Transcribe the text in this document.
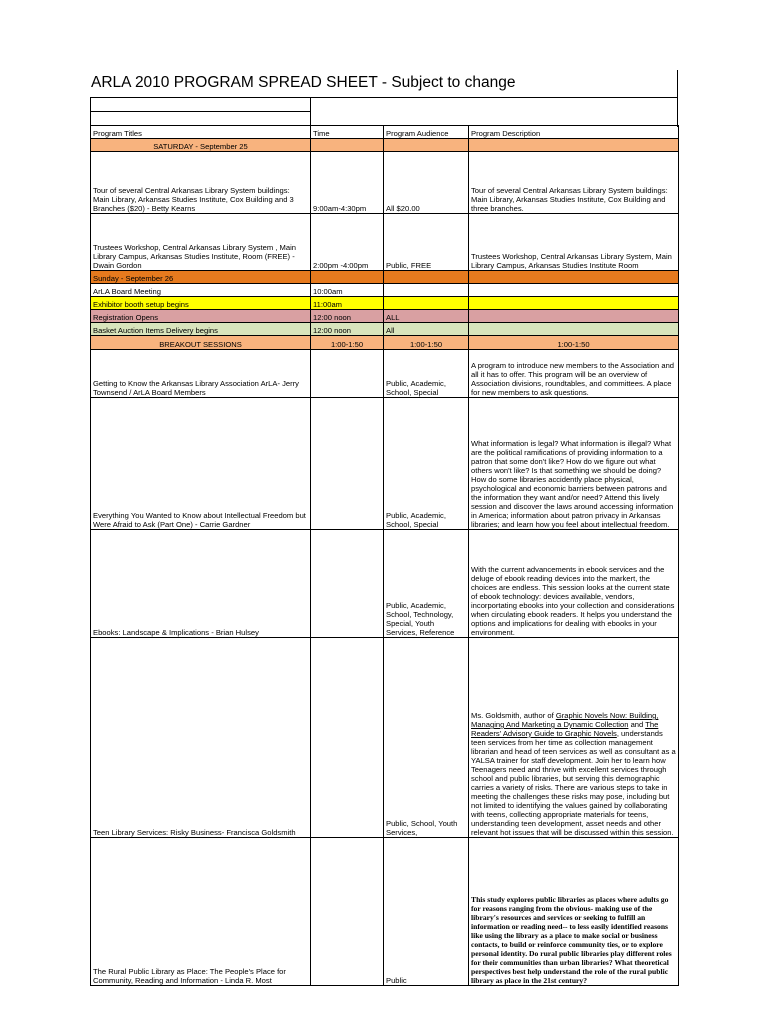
ARLA 2010 PROGRAM SPREAD SHEET - Subject to change
Program Titles	Time	Program Audience	Program Description
SATURDAY - September 25			
Tour of several Central Arkansas Library System buildings: Main Library, Arkansas Studies Institute, Cox Building and 3 Branches ($20) - Betty Kearns	9:00am-4:30pm	All $20.00	Tour of several Central Arkansas Library System buildings: Main Library, Arkansas Studies Institute, Cox Building and three branches.
Trustees Workshop, Central Arkansas Library System , Main Library Campus, Arkansas Studies Institute, Room (FREE) - Dwain Gordon	2:00pm -4:00pm	Public, FREE	Trustees Workshop, Central Arkansas Library System, Main Library Campus, Arkansas Studies Institute Room
Sunday - September 26			
ArLA Board Meeting	10:00am		
Exhibitor booth setup begins	11:00am		
Registration Opens	12:00 noon	ALL	
Basket Auction Items Delivery begins	12:00 noon	All	
BREAKOUT SESSIONS	1:00-1:50	1:00-1:50	1:00-1:50
Getting to Know the Arkansas Library Association ArLA- Jerry Townsend / ArLA Board Members		Public, Academic, School, Special	A program to introduce new members to the Association and all it has to offer. This program will be an overview of Association divisions, roundtables, and committees. A place for new members to ask questions.
Everything You Wanted to Know about Intellectual Freedom but Were Afraid to Ask (Part One) - Carrie Gardner		Public, Academic, School, Special	What information is legal? What information is illegal? What are the political ramifications of providing information to a patron that some don't like? How do we figure out what others won't like? Is that something we should be doing? How do some libraries accidently place physical, psychological and economic barriers between patrons and the information they want and/or need? Attend this lively session and discover the laws around accessing information in America; information about patron privacy in Arkansas libraries; and learn how you feel about intellectual freedom.
Ebooks: Landscape & Implications - Brian Hulsey		Public, Academic, School, Technology, Special, Youth Services, Reference	With the current advancements in ebook services and the deluge of ebook reading devices into the markert, the choices are endless. This session looks at the current state of ebook technology: devices available, vendors, incorportating ebooks into your collection and considerations when circulating ebook readers. It helps you understand the options and implications for dealing with ebooks in your environment.
Teen Library Services: Risky Business- Francisca Goldsmith		Public, School, Youth Services,	Ms. Goldsmith, author of Graphic Novels Now: Building, Managing And Marketing a Dynamic Collection and The Readers' Advisory Guide to Graphic Novels, understands teen services from her time as collection management librarian and head of teen services as well as consultant as a YALSA trainer for staff development. Join her to learn how Teenagers need and thrive with excellent services through school and public libraries, but serving this demographic carries a variety of risks. There are various steps to take in meeting the challenges these risks may pose, including but not limited to identifying the values gained by collaborating with teens, collecting appropriate materials for teens, understanding teen development, asset needs and other relevant hot issues that will be discussed within this session.
The Rural Public Library as Place: The People's Place for Community, Reading and Information - Linda R. Most		Public	This study explores public libraries as places where adults go for reasons ranging from the obvious- making use of the library's resources and services or seeking to fulfill an information or reading need-- to less easily identified reasons like using the library as a place to make social or business contacts, to build or reinforce community ties, or to explore personal identity. Do rural public libraries play different roles for their communities than urban libraries? What theoretical perspectives best help understand the role of the rural public library as place in the 21st century?
